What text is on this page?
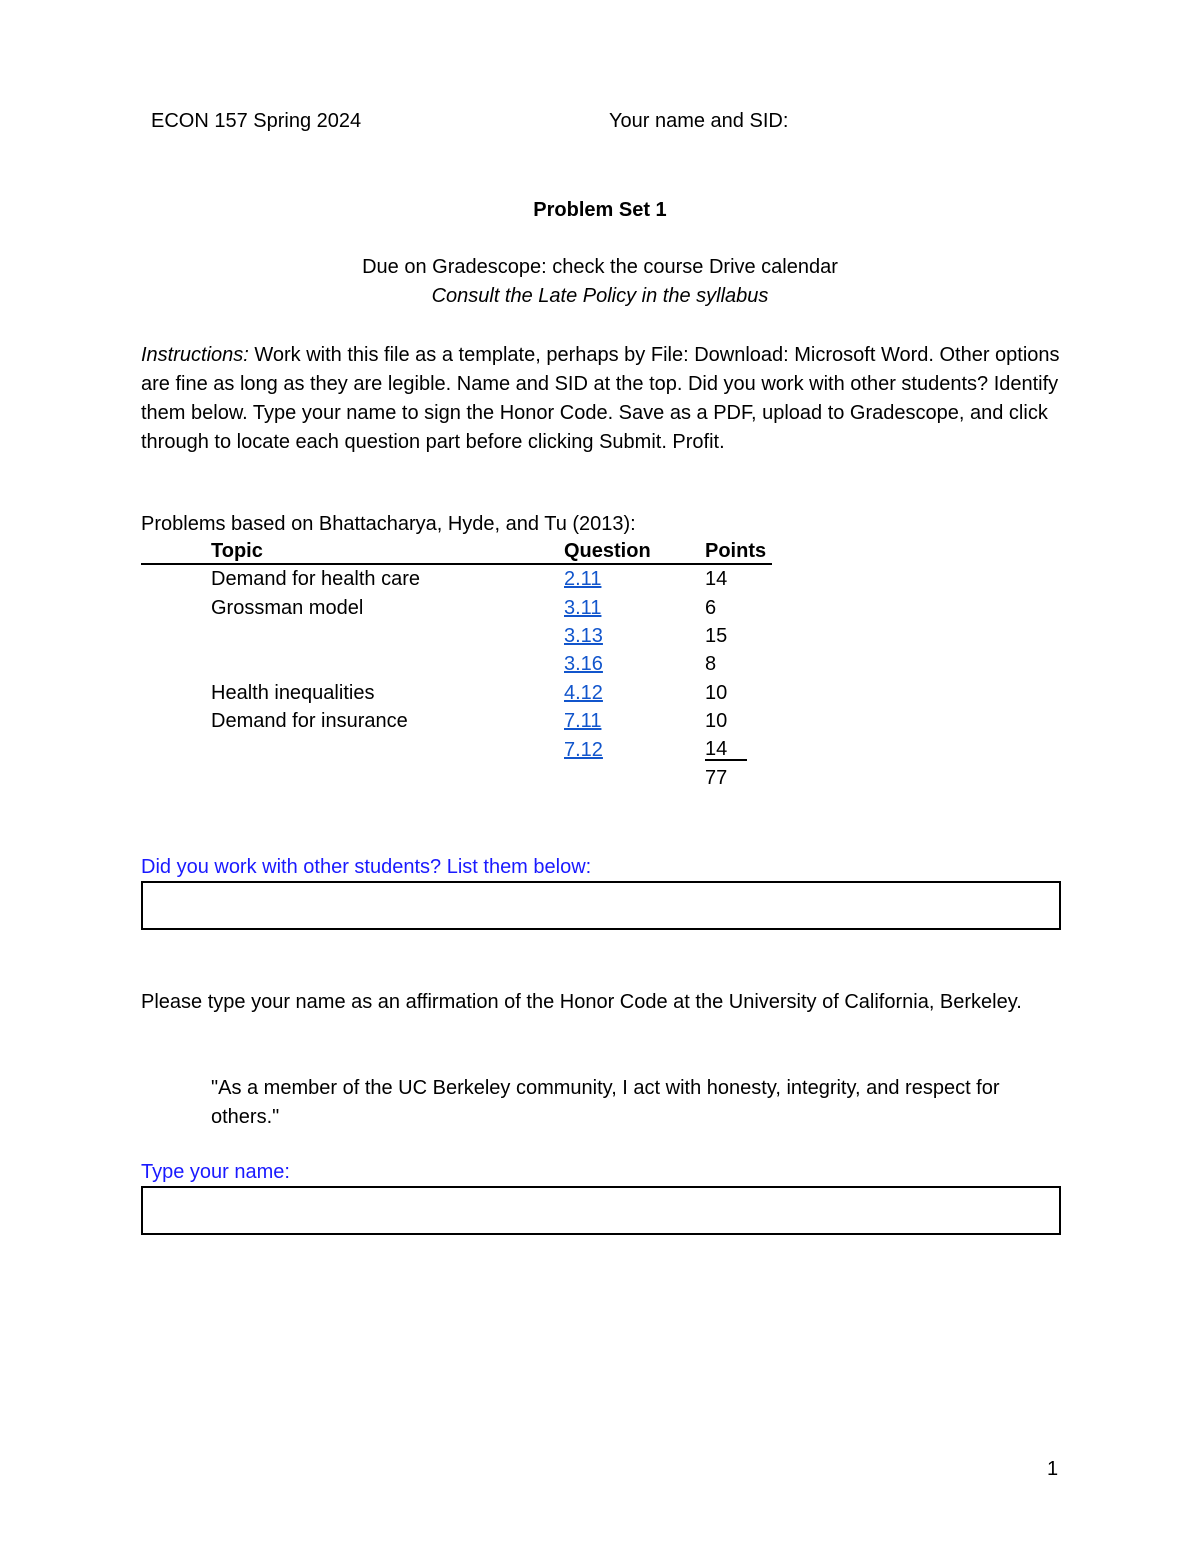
ECON 157 Spring 2024	Your name and SID:
Problem Set 1
Due on Gradescope: check the course Drive calendar
Consult the Late Policy in the syllabus
Instructions: Work with this file as a template, perhaps by File: Download: Microsoft Word. Other options are fine as long as they are legible. Name and SID at the top. Did you work with other students? Identify them below. Type your name to sign the Honor Code. Save as a PDF, upload to Gradescope, and click through to locate each question part before clicking Submit. Profit.
Problems based on Bhattacharya, Hyde, and Tu (2013):
	Topic	Question	Points
	Demand for health care	2.11	14
	Grossman model	3.11	6
		3.13	15
		3.16	8
	Health inequalities	4.12	10
	Demand for insurance	7.11	10
		7.12	14
			77
Did you work with other students? List them below:
Please type your name as an affirmation of the Honor Code at the University of California, Berkeley.
"As a member of the UC Berkeley community, I act with honesty, integrity, and respect for others."
Type your name:
1
